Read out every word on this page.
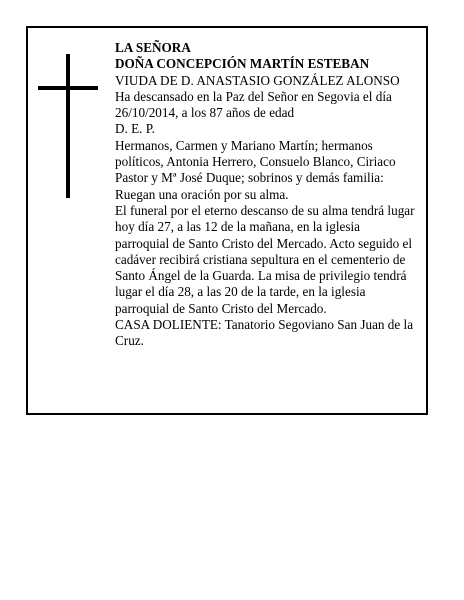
LA SEÑORA

DOÑA CONCEPCIÓN MARTÍN ESTEBAN

VIUDA DE D. ANASTASIO GONZÁLEZ ALONSO

Ha descansado en la Paz del Señor en Segovia el día 26/10/2014, a los 87 años de edad

D. E. P.

Hermanos, Carmen y Mariano Martín; hermanos políticos, Antonia Herrero, Consuelo Blanco, Ciriaco Pastor y Mª José Duque; sobrinos y demás familia:

Ruegan una oración por su alma.

El funeral por el eterno descanso de su alma tendrá lugar hoy día 27, a las 12 de la mañana, en la iglesia parroquial de Santo Cristo del Mercado. Acto seguido el cadáver recibirá cristiana sepultura en el cementerio de Santo Ángel de la Guarda. La misa de privilegio tendrá lugar el día 28, a las 20 de la tarde, en la iglesia parroquial de Santo Cristo del Mercado.

CASA DOLIENTE: Tanatorio Segoviano San Juan de la Cruz.
